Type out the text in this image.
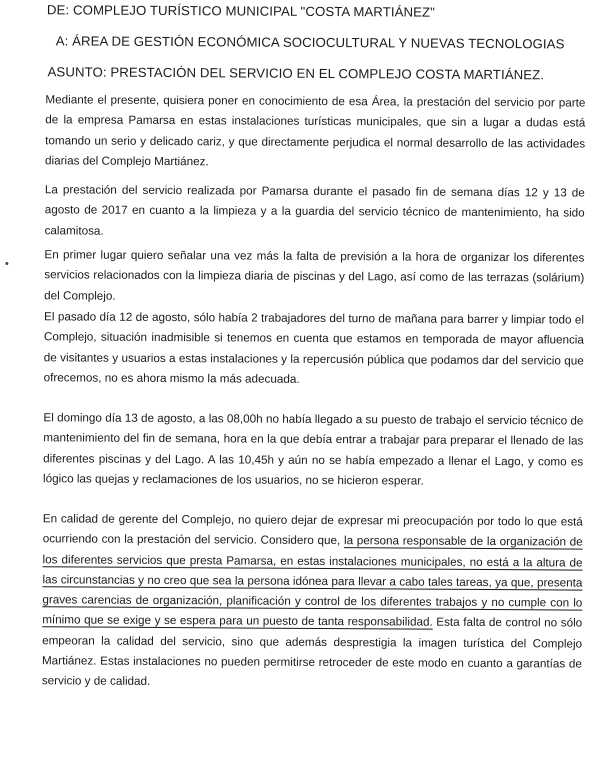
DE: COMPLEJO TURÍSTICO MUNICIPAL "COSTA MARTIÁNEZ"

A: ÁREA DE GESTIÓN ECONÓMICA SOCIOCULTURAL Y NUEVAS TECNOLOGIAS

ASUNTO: PRESTACIÓN DEL SERVICIO EN EL COMPLEJO COSTA MARTIÁNEZ.

Mediante el presente, quisiera poner en conocimiento de esa Área, la prestación del servicio por parte de la empresa Pamarsa en estas instalaciones turísticas municipales, que sin a lugar a dudas está tomando un serio y delicado cariz, y que directamente perjudica el normal desarrollo de las actividades diarias del Complejo Martiánez.

La prestación del servicio realizada por Pamarsa durante el pasado fin de semana días 12 y 13 de agosto de 2017 en cuanto a la limpieza y a la guardia del servicio técnico de mantenimiento, ha sido calamitosa.

En primer lugar quiero señalar una vez más la falta de previsión a la hora de organizar los diferentes servicios relacionados con la limpieza diaria de piscinas y del Lago, así como de las terrazas (solárium) del Complejo.

El pasado día 12 de agosto, sólo había 2 trabajadores del turno de mañana para barrer y limpiar todo el Complejo, situación inadmisible si tenemos en cuenta que estamos en temporada de mayor afluencia de visitantes y usuarios a estas instalaciones y la repercusión pública que podamos dar del servicio que ofrecemos, no es ahora mismo la más adecuada.

El domingo día 13 de agosto, a las 08,00h no había llegado a su puesto de trabajo el servicio técnico de mantenimiento del fin de semana, hora en la que debía entrar a trabajar para preparar el llenado de las diferentes piscinas y del Lago. A las 10,45h y aún no se había empezado a llenar el Lago, y como es lógico las quejas y reclamaciones de los usuarios, no se hicieron esperar.

En calidad de gerente del Complejo, no quiero dejar de expresar mi preocupación por todo lo que está ocurriendo con la prestación del servicio. Considero que, la persona responsable de la organización de los diferentes servicios que presta Pamarsa, en estas instalaciones municipales, no está a la altura de las circunstancias y no creo que sea la persona idónea para llevar a cabo tales tareas, ya que, presenta graves carencias de organización, planificación y control de los diferentes trabajos y no cumple con lo mínimo que se exige y se espera para un puesto de tanta responsabilidad. Esta falta de control no sólo empeoran la calidad del servicio, sino que además desprestigia la imagen turística del Complejo Martiánez. Estas instalaciones no pueden permitirse retroceder de este modo en cuanto a garantías de servicio y de calidad.
